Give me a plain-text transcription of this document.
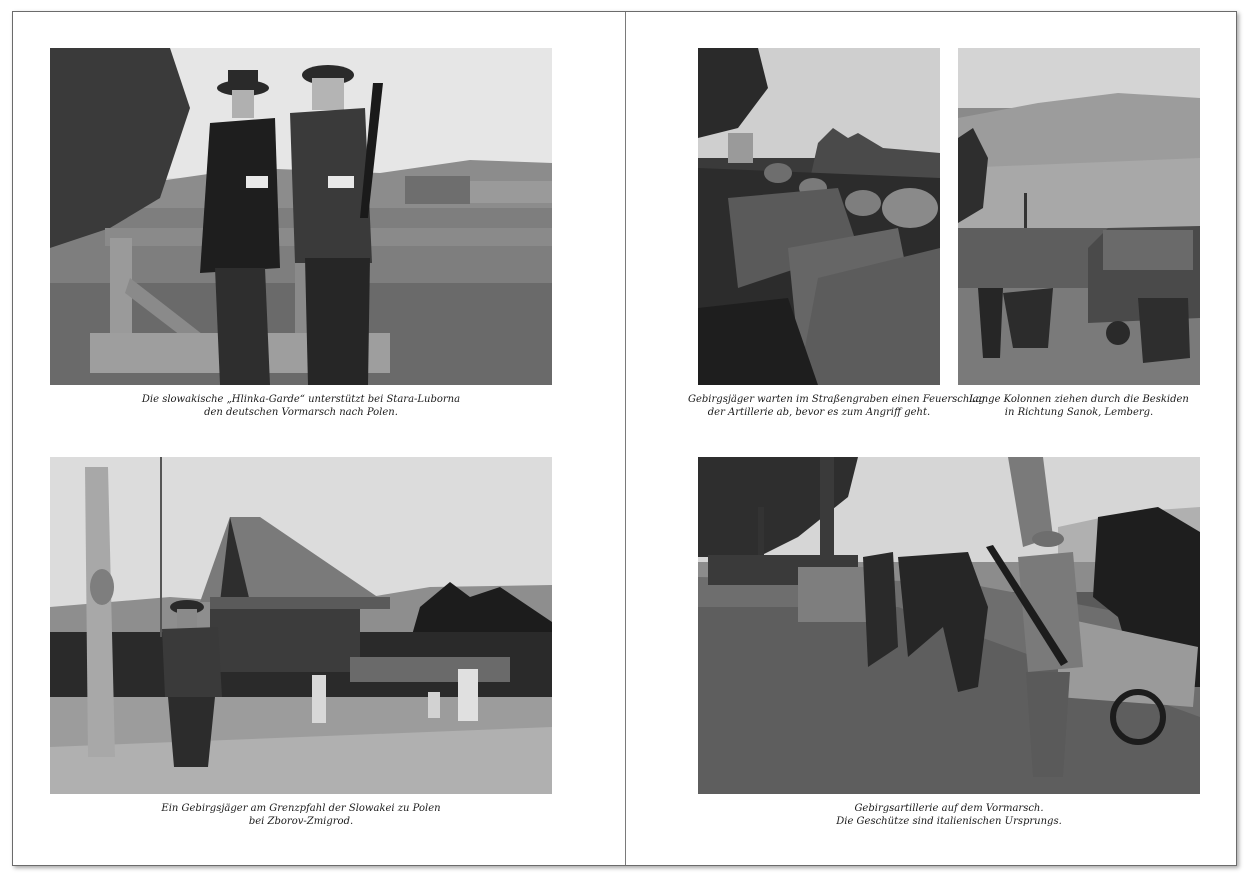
Die slowakische „Hlinka-Garde“ unterstützt bei Stara-Luborna
den deutschen Vormarsch nach Polen.
Ein Gebirgsjäger am Grenzpfahl der Slowakei zu Polen
bei Zborov-Zmigrod.
Gebirgsjäger warten im Straßengraben einen Feuerschlag
der Artillerie ab, bevor es zum Angriff geht.
Lange Kolonnen ziehen durch die Beskiden
in Richtung Sanok, Lemberg.
Gebirgsartillerie auf dem Vormarsch.
Die Geschütze sind italienischen Ursprungs.
